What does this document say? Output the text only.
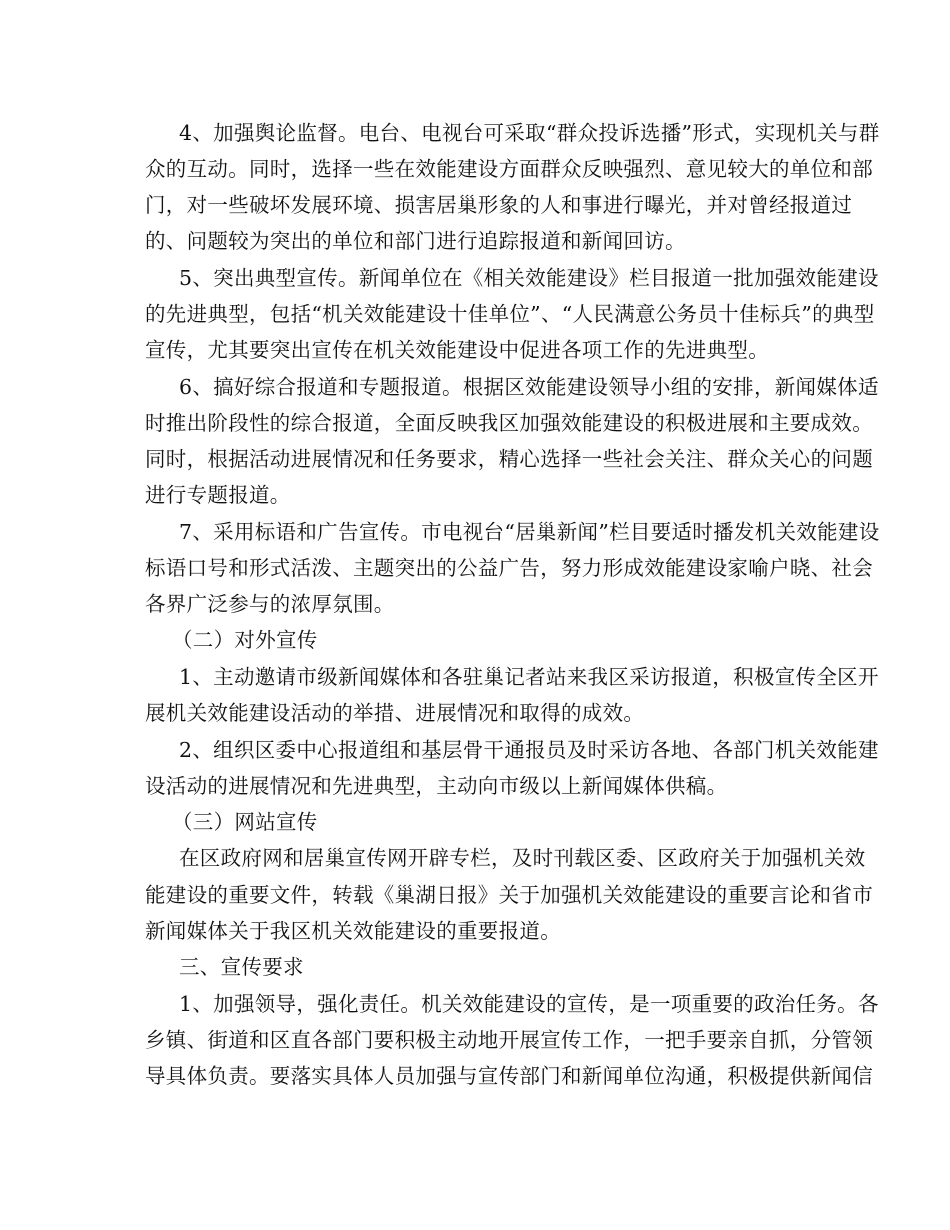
4、加强舆论监督。电台、电视台可采取“群众投诉选播”形式，实现机关与群

众的互动。同时，选择一些在效能建设方面群众反映强烈、意见较大的单位和部

门，对一些破坏发展环境、损害居巢形象的人和事进行曝光，并对曾经报道过

的、问题较为突出的单位和部门进行追踪报道和新闻回访。

5、突出典型宣传。新闻单位在《相关效能建设》栏目报道一批加强效能建设

的先进典型，包括“机关效能建设十佳单位”、“人民满意公务员十佳标兵”的典型

宣传，尤其要突出宣传在机关效能建设中促进各项工作的先进典型。

6、搞好综合报道和专题报道。根据区效能建设领导小组的安排，新闻媒体适

时推出阶段性的综合报道，全面反映我区加强效能建设的积极进展和主要成效。

同时，根据活动进展情况和任务要求，精心选择一些社会关注、群众关心的问题

进行专题报道。

7、采用标语和广告宣传。市电视台“居巢新闻”栏目要适时播发机关效能建设

标语口号和形式活泼、主题突出的公益广告，努力形成效能建设家喻户晓、社会

各界广泛参与的浓厚氛围。

（二）对外宣传

1、主动邀请市级新闻媒体和各驻巢记者站来我区采访报道，积极宣传全区开

展机关效能建设活动的举措、进展情况和取得的成效。

2、组织区委中心报道组和基层骨干通报员及时采访各地、各部门机关效能建

设活动的进展情况和先进典型，主动向市级以上新闻媒体供稿。

（三）网站宣传

在区政府网和居巢宣传网开辟专栏，及时刊载区委、区政府关于加强机关效

能建设的重要文件，转载《巢湖日报》关于加强机关效能建设的重要言论和省市

新闻媒体关于我区机关效能建设的重要报道。

三、宣传要求

1、加强领导，强化责任。机关效能建设的宣传，是一项重要的政治任务。各

乡镇、街道和区直各部门要积极主动地开展宣传工作，一把手要亲自抓，分管领

导具体负责。要落实具体人员加强与宣传部门和新闻单位沟通，积极提供新闻信
